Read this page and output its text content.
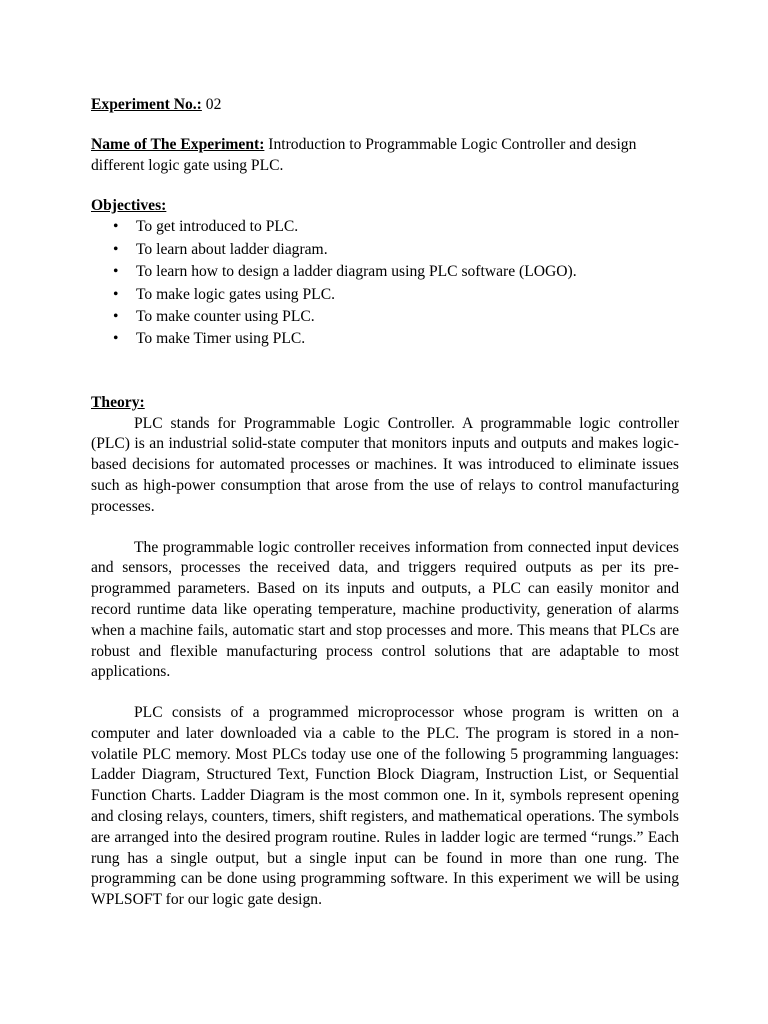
Experiment No.: 02
Name of The Experiment: Introduction to Programmable Logic Controller and design different logic gate using PLC.
Objectives:
• To get introduced to PLC.
• To learn about ladder diagram.
• To learn how to design a ladder diagram using PLC software (LOGO).
• To make logic gates using PLC.
• To make counter using PLC.
• To make Timer using PLC.
Theory:

PLC stands for Programmable Logic Controller. A programmable logic controller (PLC) is an industrial solid-state computer that monitors inputs and outputs and makes logic-based decisions for automated processes or machines. It was introduced to eliminate issues such as high-power consumption that arose from the use of relays to control manufacturing processes.

The programmable logic controller receives information from connected input devices and sensors, processes the received data, and triggers required outputs as per its pre-programmed parameters. Based on its inputs and outputs, a PLC can easily monitor and record runtime data like operating temperature, machine productivity, generation of alarms when a machine fails, automatic start and stop processes and more. This means that PLCs are robust and flexible manufacturing process control solutions that are adaptable to most applications.

PLC consists of a programmed microprocessor whose program is written on a computer and later downloaded via a cable to the PLC. The program is stored in a non-volatile PLC memory. Most PLCs today use one of the following 5 programming languages: Ladder Diagram, Structured Text, Function Block Diagram, Instruction List, or Sequential Function Charts. Ladder Diagram is the most common one. In it, symbols represent opening and closing relays, counters, timers, shift registers, and mathematical operations. The symbols are arranged into the desired program routine. Rules in ladder logic are termed “rungs.” Each rung has a single output, but a single input can be found in more than one rung. The programming can be done using programming software. In this experiment we will be using WPLSOFT for our logic gate design.
